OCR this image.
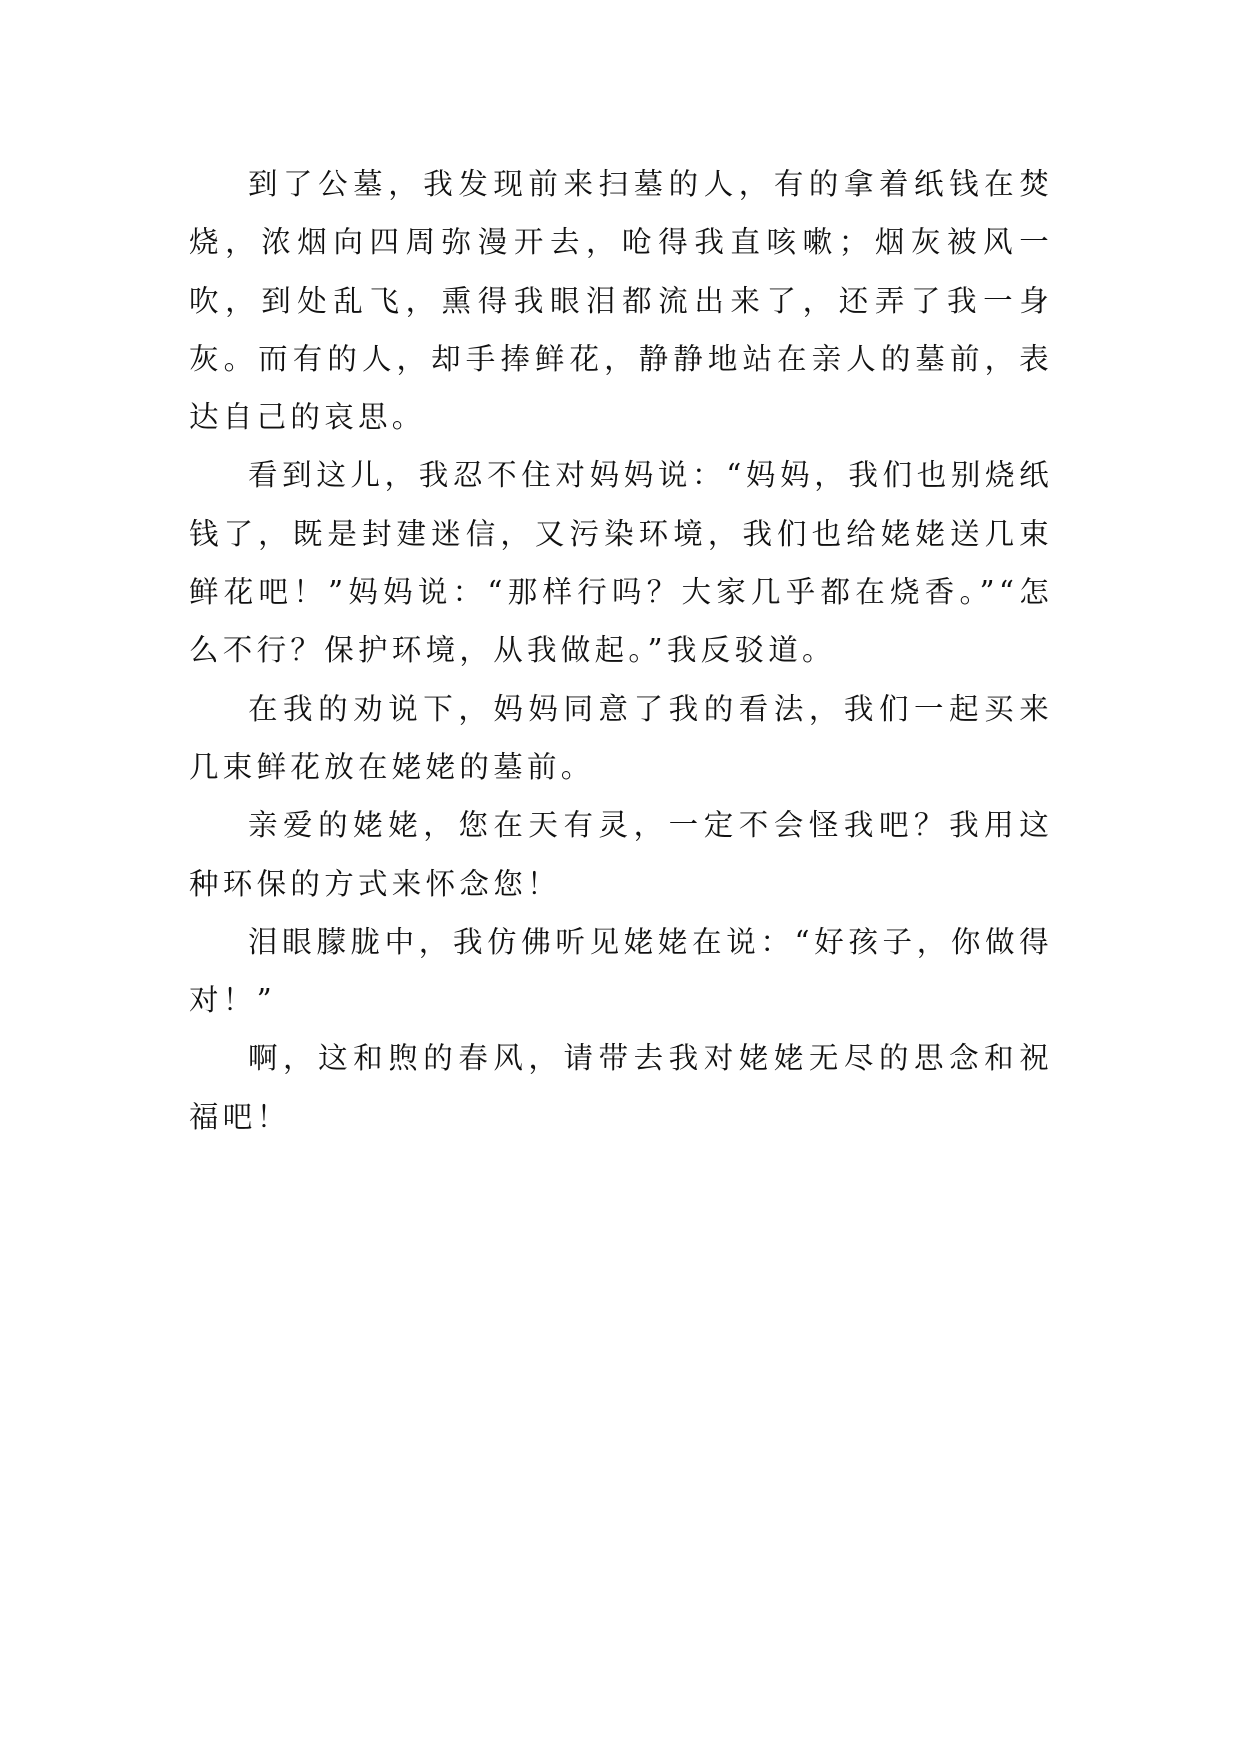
到了公墓，我发现前来扫墓的人，有的拿着纸钱在焚烧，浓烟向四周弥漫开去，呛得我直咳嗽；烟灰被风一吹，到处乱飞，熏得我眼泪都流出来了，还弄了我一身灰。而有的人，却手捧鲜花，静静地站在亲人的墓前，表达自己的哀思。

看到这儿，我忍不住对妈妈说：“妈妈，我们也别烧纸钱了，既是封建迷信，又污染环境，我们也给姥姥送几束鲜花吧！”妈妈说：“那样行吗？大家几乎都在烧香。”“怎么不行？保护环境，从我做起。”我反驳道。

在我的劝说下，妈妈同意了我的看法，我们一起买来几束鲜花放在姥姥的墓前。

亲爱的姥姥，您在天有灵，一定不会怪我吧？我用这种环保的方式来怀念您！

泪眼朦胧中，我仿佛听见姥姥在说：“好孩子，你做得对！”

啊，这和煦的春风，请带去我对姥姥无尽的思念和祝福吧！
